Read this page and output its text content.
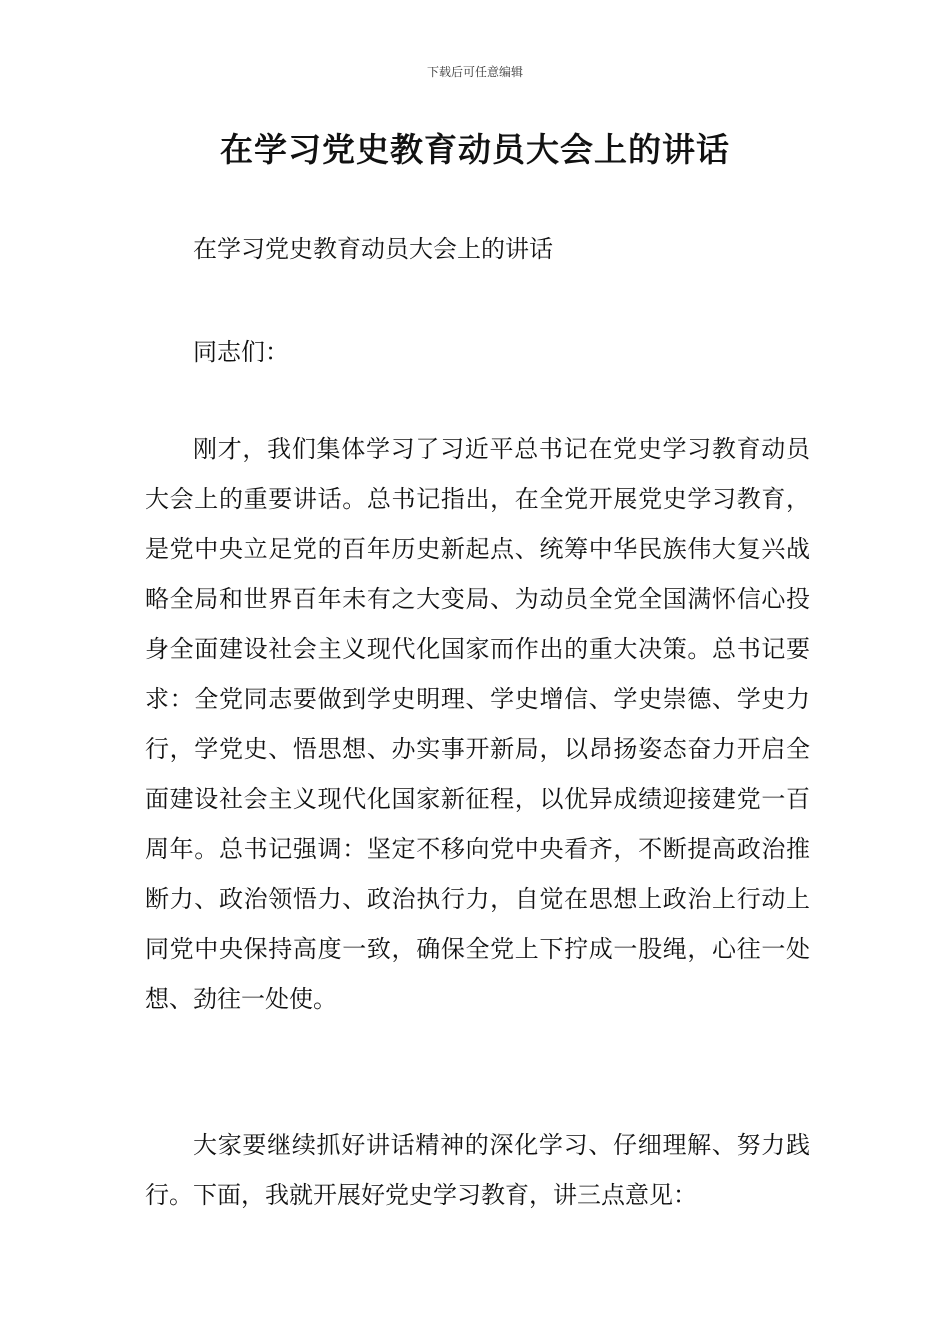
下载后可任意编辑
在学习党史教育动员大会上的讲话

在学习党史教育动员大会上的讲话

同志们：

刚才，我们集体学习了习近平总书记在党史学习教育动员大会上的重要讲话。总书记指出，在全党开展党史学习教育，是党中央立足党的百年历史新起点、统筹中华民族伟大复兴战略全局和世界百年未有之大变局、为动员全党全国满怀信心投身全面建设社会主义现代化国家而作出的重大决策。总书记要求：全党同志要做到学史明理、学史增信、学史崇德、学史力行，学党史、悟思想、办实事开新局，以昂扬姿态奋力开启全面建设社会主义现代化国家新征程，以优异成绩迎接建党一百周年。总书记强调：坚定不移向党中央看齐，不断提高政治推断力、政治领悟力、政治执行力，自觉在思想上政治上行动上同党中央保持高度一致，确保全党上下拧成一股绳，心往一处想、劲往一处使。

大家要继续抓好讲话精神的深化学习、仔细理解、努力践行。下面，我就开展好党史学习教育，讲三点意见：
